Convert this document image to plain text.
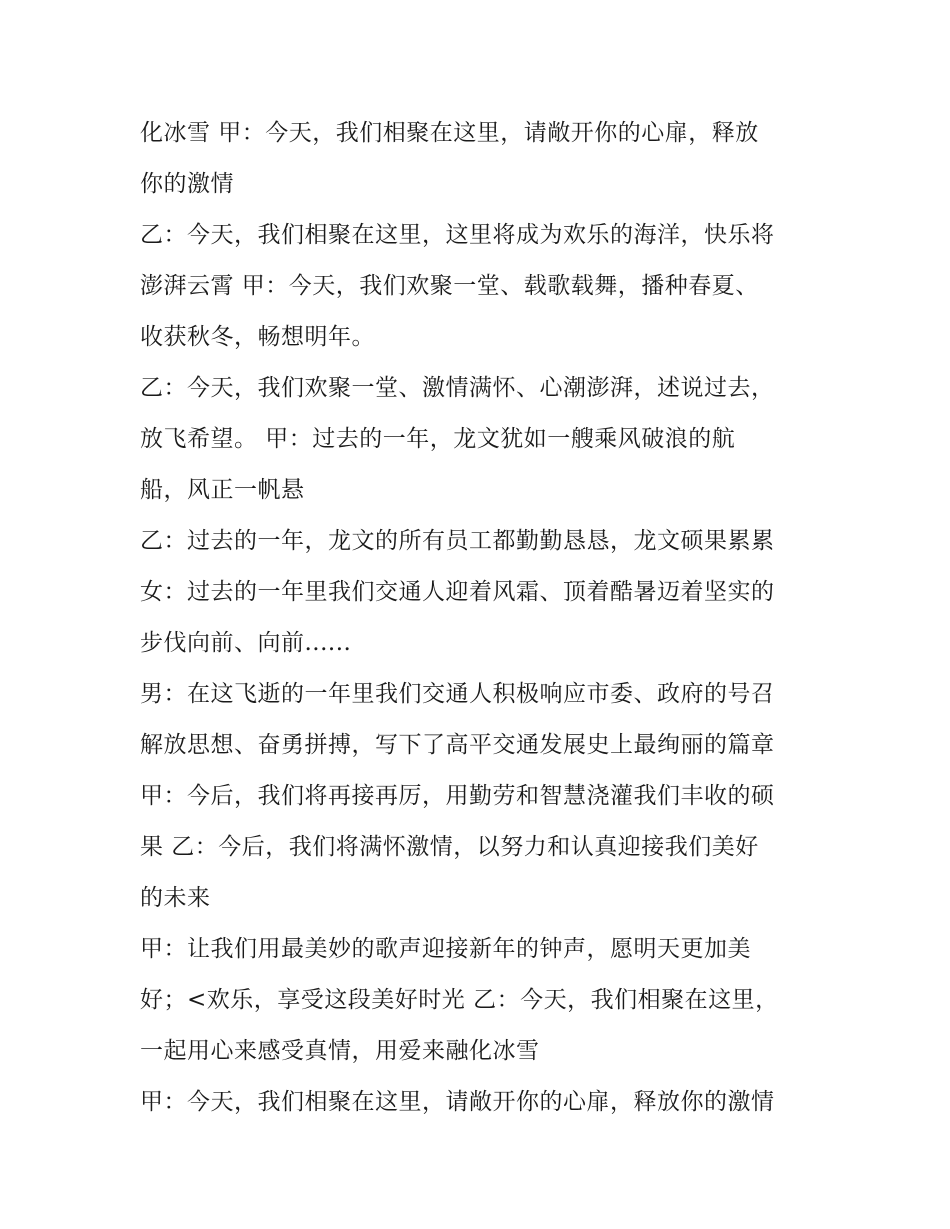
化冰雪 甲：今天，我们相聚在这里，请敞开你的心扉，释放
你的激情
乙：今天，我们相聚在这里，这里将成为欢乐的海洋，快乐将
澎湃云霄 甲：今天，我们欢聚一堂、载歌载舞，播种春夏、
收获秋冬，畅想明年。
乙：今天，我们欢聚一堂、激情满怀、心潮澎湃，述说过去，
放飞希望。 甲：过去的一年，龙文犹如一艘乘风破浪的航
船，风正一帆悬
乙：过去的一年，龙文的所有员工都勤勤恳恳，龙文硕果累累
女：过去的一年里我们交通人迎着风霜、顶着酷暑迈着坚实的
步伐向前、向前......
男：在这飞逝的一年里我们交通人积极响应市委、政府的号召
解放思想、奋勇拼搏，写下了高平交通发展史上最绚丽的篇章
甲：今后，我们将再接再厉，用勤劳和智慧浇灌我们丰收的硕
果 乙：今后，我们将满怀激情，以努力和认真迎接我们美好
的未来
甲：让我们用最美妙的歌声迎接新年的钟声，愿明天更加美
好；<欢乐，享受这段美好时光 乙：今天，我们相聚在这里，
一起用心来感受真情，用爱来融化冰雪
甲：今天，我们相聚在这里，请敞开你的心扉，释放你的激情
